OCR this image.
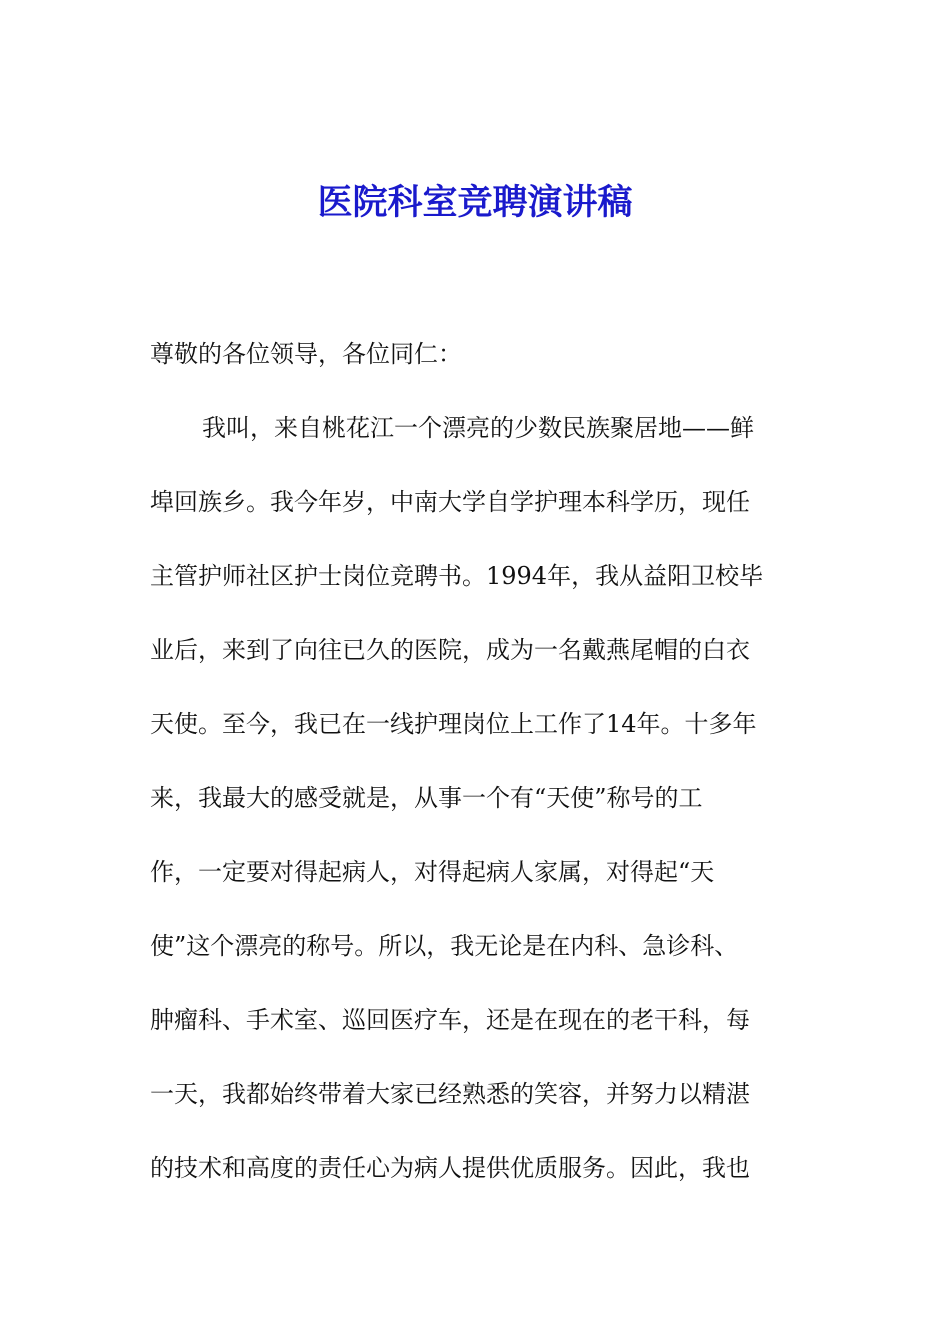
医院科室竞聘演讲稿
尊敬的各位领导，各位同仁：
我叫，来自桃花江一个漂亮的少数民族聚居地——鲜
埠回族乡。我今年岁，中南大学自学护理本科学历，现任
主管护师社区护士岗位竞聘书。1994年，我从益阳卫校毕
业后，来到了向往已久的医院，成为一名戴燕尾帽的白衣
天使。至今，我已在一线护理岗位上工作了14年。十多年
来，我最大的感受就是，从事一个有“天使”称号的工
作，一定要对得起病人，对得起病人家属，对得起“天
使”这个漂亮的称号。所以，我无论是在内科、急诊科、
肿瘤科、手术室、巡回医疗车，还是在现在的老干科，每
一天，我都始终带着大家已经熟悉的笑容，并努力以精湛
的技术和高度的责任心为病人提供优质服务。因此，我也
